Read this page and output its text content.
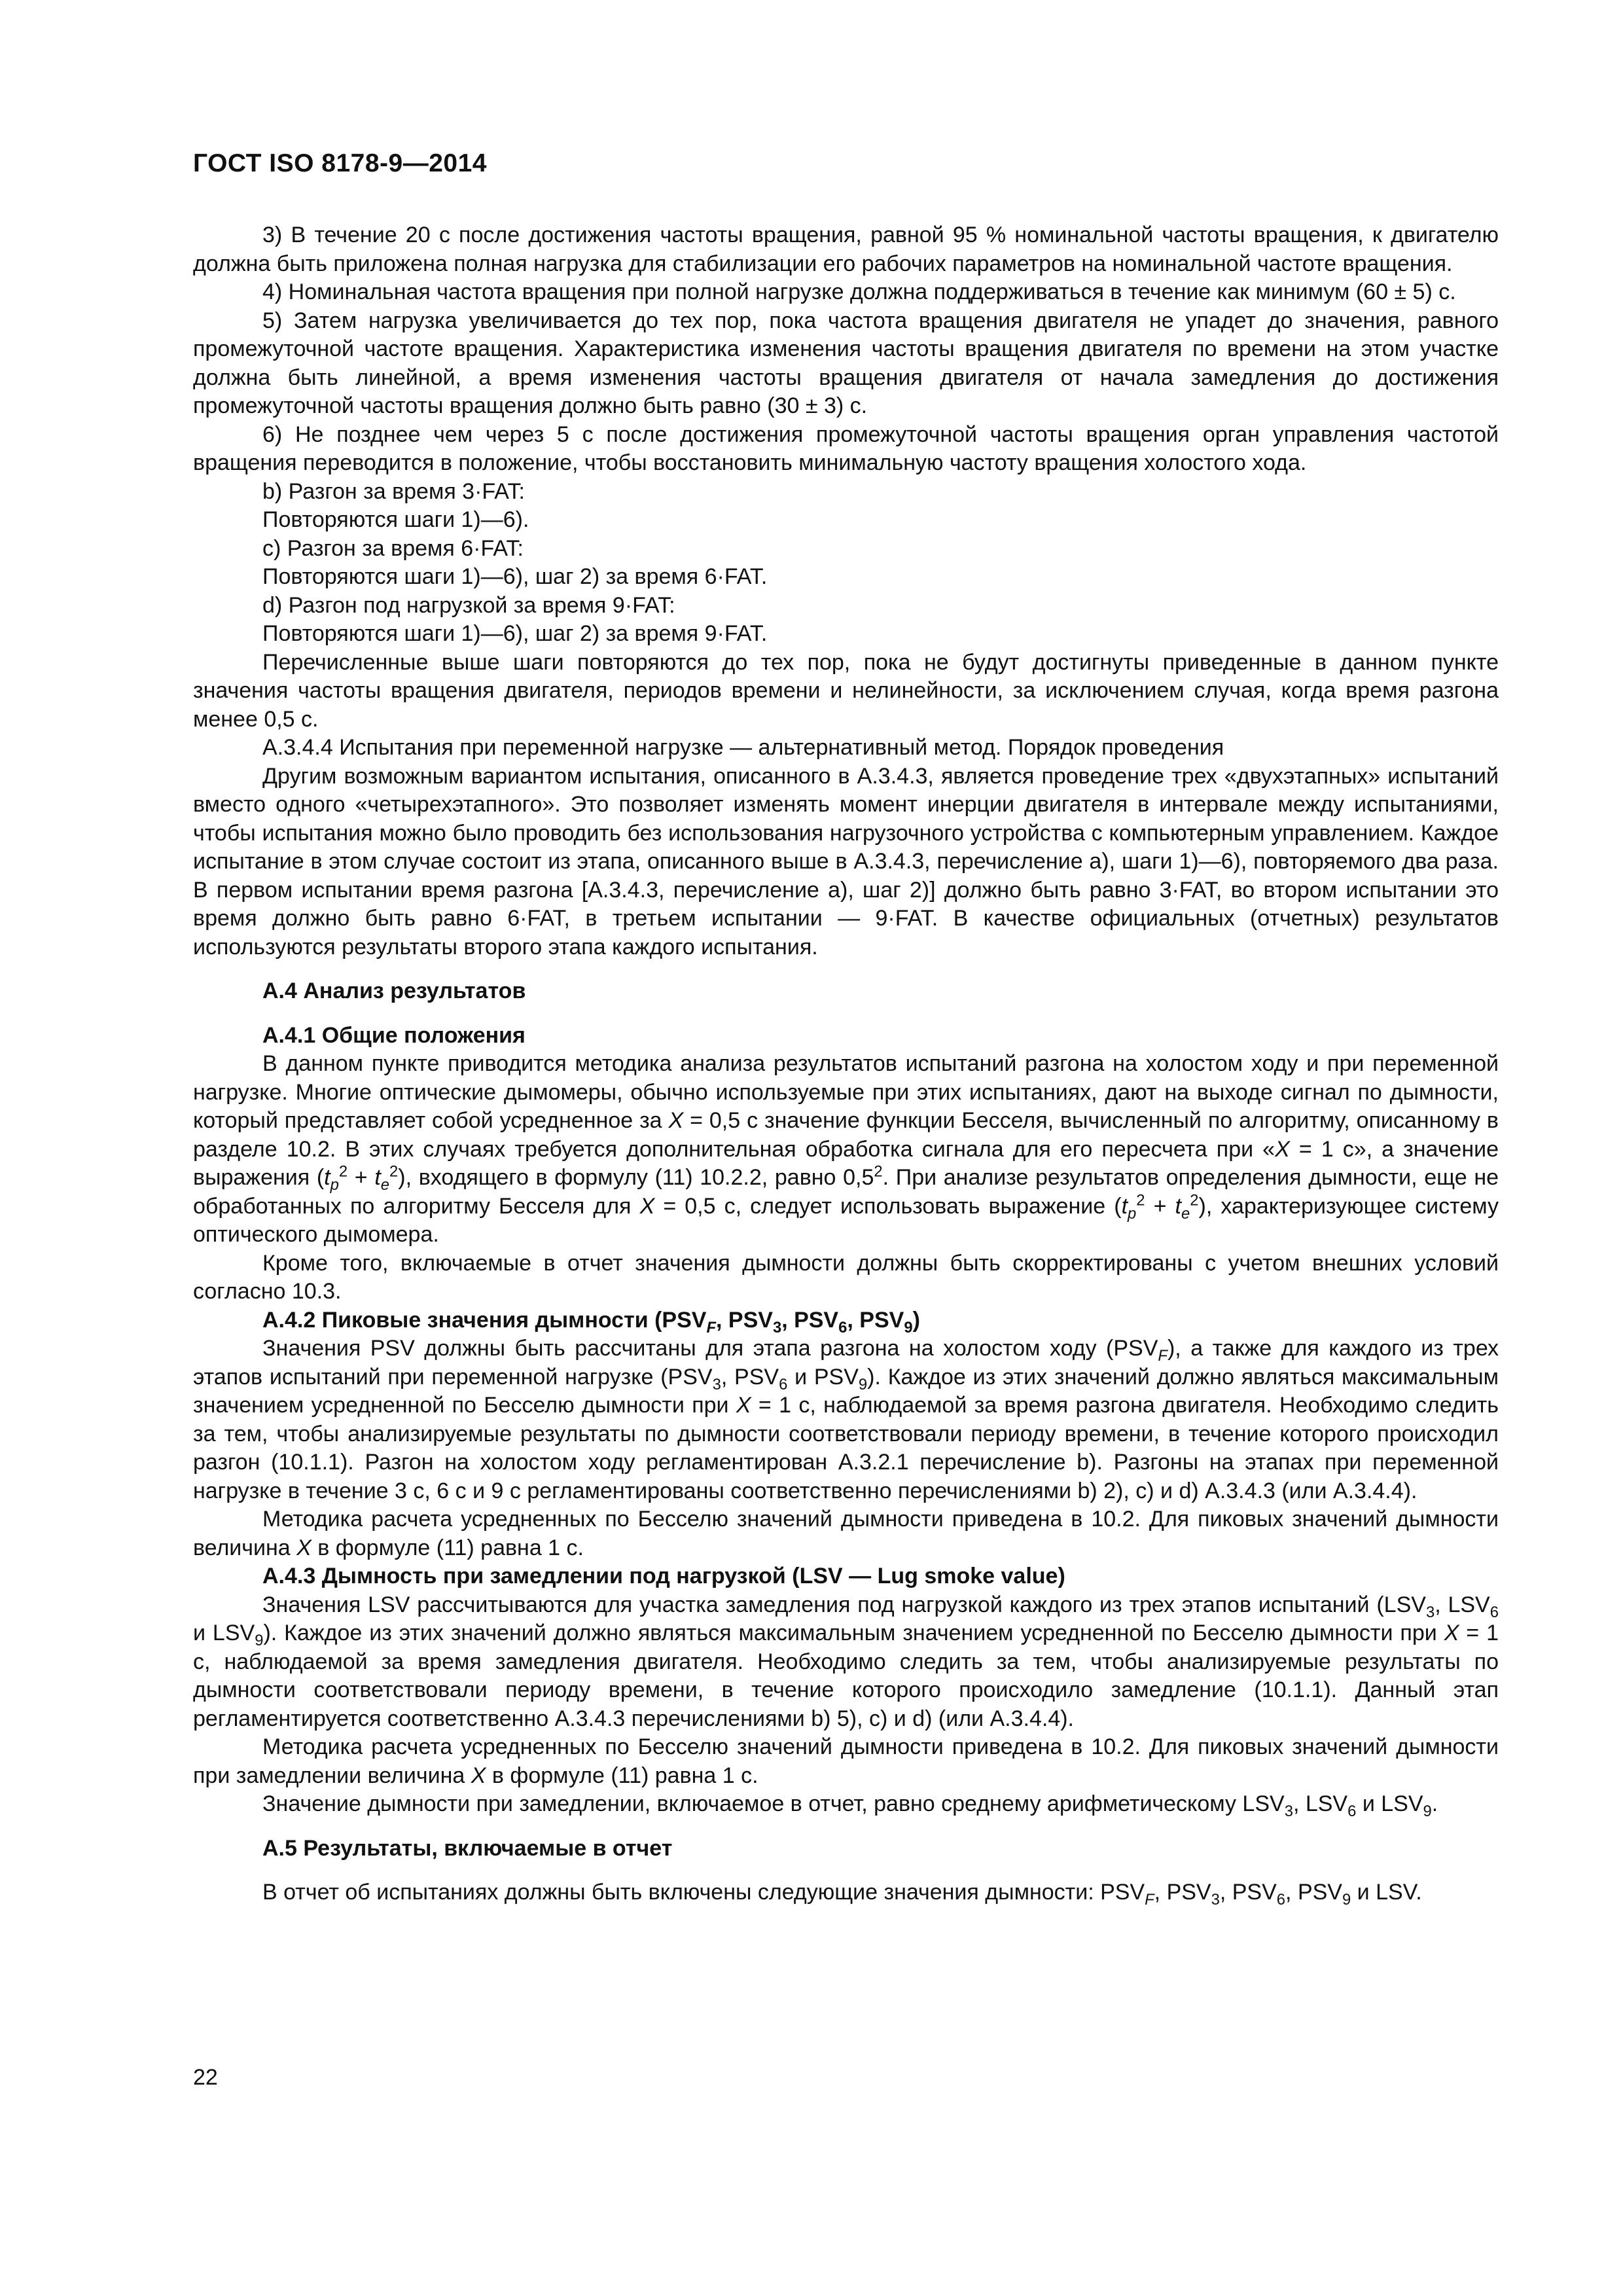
ГОСТ ISO 8178-9—2014

3) В течение 20 с после достижения частоты вращения, равной 95 % номинальной частоты вращения, к двигателю должна быть приложена полная нагрузка для стабилизации его рабочих параметров на номинальной частоте вращения.

4) Номинальная частота вращения при полной нагрузке должна поддерживаться в течение как минимум (60 ± 5) с.

5) Затем нагрузка увеличивается до тех пор, пока частота вращения двигателя не упадет до значения, равного промежуточной частоте вращения. Характеристика изменения частоты вращения двигателя по времени на этом участке должна быть линейной, а время изменения частоты вращения двигателя от начала замедления до достижения промежуточной частоты вращения должно быть равно (30 ± 3) с.

6) Не позднее чем через 5 с после достижения промежуточной частоты вращения орган управления частотой вращения переводится в положение, чтобы восстановить минимальную частоту вращения холостого хода.

b) Разгон за время 3·FAT:

Повторяются шаги 1)—6).

c) Разгон за время 6·FAT:

Повторяются шаги 1)—6), шаг 2) за время 6·FAT.

d) Разгон под нагрузкой за время 9·FAT:

Повторяются шаги 1)—6), шаг 2) за время 9·FAT.

Перечисленные выше шаги повторяются до тех пор, пока не будут достигнуты приведенные в данном пункте значения частоты вращения двигателя, периодов времени и нелинейности, за исключением случая, когда время разгона менее 0,5 с.

А.3.4.4 Испытания при переменной нагрузке — альтернативный метод. Порядок проведения

Другим возможным вариантом испытания, описанного в А.3.4.3, является проведение трех «двухэтапных» испытаний вместо одного «четырехэтапного». Это позволяет изменять момент инерции двигателя в интервале между испытаниями, чтобы испытания можно было проводить без использования нагрузочного устройства с компьютерным управлением. Каждое испытание в этом случае состоит из этапа, описанного выше в А.3.4.3, перечисление а), шаги 1)—6), повторяемого два раза. В первом испытании время разгона [А.3.4.3, перечисление а), шаг 2)] должно быть равно 3·FAT, во втором испытании это время должно быть равно 6·FAT, в третьем испытании — 9·FAT. В качестве официальных (отчетных) результатов используются результаты второго этапа каждого испытания.

А.4 Анализ результатов
А.4.1 Общие положения

В данном пункте приводится методика анализа результатов испытаний разгона на холостом ходу и при переменной нагрузке. Многие оптические дымомеры, обычно используемые при этих испытаниях, дают на выходе сигнал по дымности, который представляет собой усредненное за X = 0,5 с значение функции Бесселя, вычисленный по алгоритму, описанному в разделе 10.2. В этих случаях требуется дополнительная обработка сигнала для его пересчета при «X = 1 с», а значение выражения $(t_p^2 + t_e^2)$, входящего в формулу (11) 10.2.2, равно $0,5^2$. При анализе результатов определения дымности, еще не обработанных по алгоритму Бесселя для X = 0,5 с, следует использовать выражение $(t_p^2 + t_e^2)$, характеризующее систему оптического дымомера.

Кроме того, включаемые в отчет значения дымности должны быть скорректированы с учетом внешних условий согласно 10.3.

А.4.2 Пиковые значения дымности ($PSV_F$, $PSV_3$, $PSV_6$, $PSV_9$)

Значения PSV должны быть рассчитаны для этапа разгона на холостом ходу $(PSV_F)$, а также для каждого из трех этапов испытаний при переменной нагрузке ($PSV_3$, $PSV_6$ и $PSV_9$). Каждое из этих значений должно являться максимальным значением усредненной по Бесселю дымности при X = 1 с, наблюдаемой за время разгона двигателя. Необходимо следить за тем, чтобы анализируемые результаты по дымности соответствовали периоду времени, в течение которого происходил разгон (10.1.1). Разгон на холостом ходу регламентирован А.3.2.1 перечисление b). Разгоны на этапах при переменной нагрузке в течение 3 с, 6 с и 9 с регламентированы соответственно перечислениями b) 2), c) и d) А.3.4.3 (или А.3.4.4).

Методика расчета усредненных по Бесселю значений дымности приведена в 10.2. Для пиковых значений дымности величина X в формуле (11) равна 1 с.

А.4.3 Дымность при замедлении под нагрузкой (LSV — Lug smoke value)

Значения LSV рассчитываются для участка замедления под нагрузкой каждого из трех этапов испытаний ($LSV_3$, $LSV_6$ и $LSV_9$). Каждое из этих значений должно являться максимальным значением усредненной по Бесселю дымности при X = 1 с, наблюдаемой за время замедления двигателя. Необходимо следить за тем, чтобы анализируемые результаты по дымности соответствовали периоду времени, в течение которого происходило замедление (10.1.1). Данный этап регламентируется соответственно А.3.4.3 перечислениями b) 5), c) и d) (или А.3.4.4).

Методика расчета усредненных по Бесселю значений дымности приведена в 10.2. Для пиковых значений дымности при замедлении величина X в формуле (11) равна 1 с.

Значение дымности при замедлении, включаемое в отчет, равно среднему арифметическому $LSV_3$, $LSV_6$ и $LSV_9$.

А.5 Результаты, включаемые в отчет

В отчет об испытаниях должны быть включены следующие значения дымности: $PSV_F$, $PSV_3$, $PSV_6$, $PSV_9$ и LSV.

22
